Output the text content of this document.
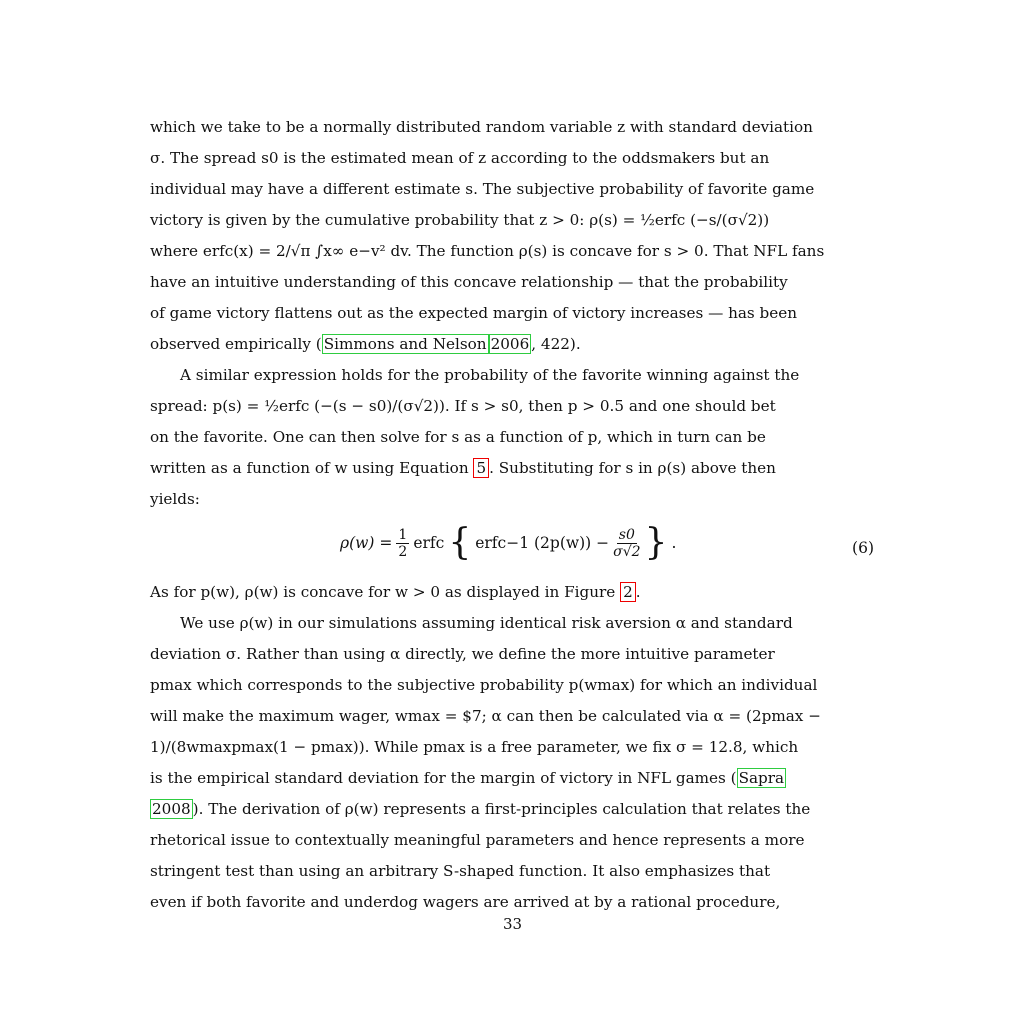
which we take to be a normally distributed random variable z with standard deviation

σ. The spread s0 is the estimated mean of z according to the oddsmakers but an

individual may have a different estimate s. The subjective probability of favorite game

victory is given by the cumulative probability that z > 0: ρ(s) = ½erfc (−s/(σ√2))

where erfc(x) = 2/√π ∫x∞ e−v² dv. The function ρ(s) is concave for s > 0. That NFL fans

have an intuitive understanding of this concave relationship — that the probability

of game victory flattens out as the expected margin of victory increases — has been

observed empirically ( Simmons and Nelson 2006 , 422).

A similar expression holds for the probability of the favorite winning against the

spread: p(s) = ½erfc (−(s − s0)/(σ√2)). If s > s0, then p > 0.5 and one should bet

on the favorite. One can then solve for s as a function of p, which in turn can be

written as a function of w using Equation 5 . Substituting for s in ρ(s) above then

yields:

$\rho(w) = \frac{1}{2}$ erfc { erfc−1 $(2p(w)) - \frac{s0}{\sigma√2}$ } .	(6)

As for p(w), ρ(w) is concave for w > 0 as displayed in Figure 2 .

We use ρ(w) in our simulations assuming identical risk aversion α and standard

deviation σ. Rather than using α directly, we define the more intuitive parameter

pmax which corresponds to the subjective probability p(wmax) for which an individual

will make the maximum wager, wmax = $7; α can then be calculated via α = (2pmax −

1)/(8wmaxpmax(1 − pmax)). While pmax is a free parameter, we fix σ = 12.8, which

is the empirical standard deviation for the margin of victory in NFL games ( Sapra

2008 ). The derivation of ρ(w) represents a first-principles calculation that relates the

rhetorical issue to contextually meaningful parameters and hence represents a more

stringent test than using an arbitrary S-shaped function. It also emphasizes that

even if both favorite and underdog wagers are arrived at by a rational procedure,

33
